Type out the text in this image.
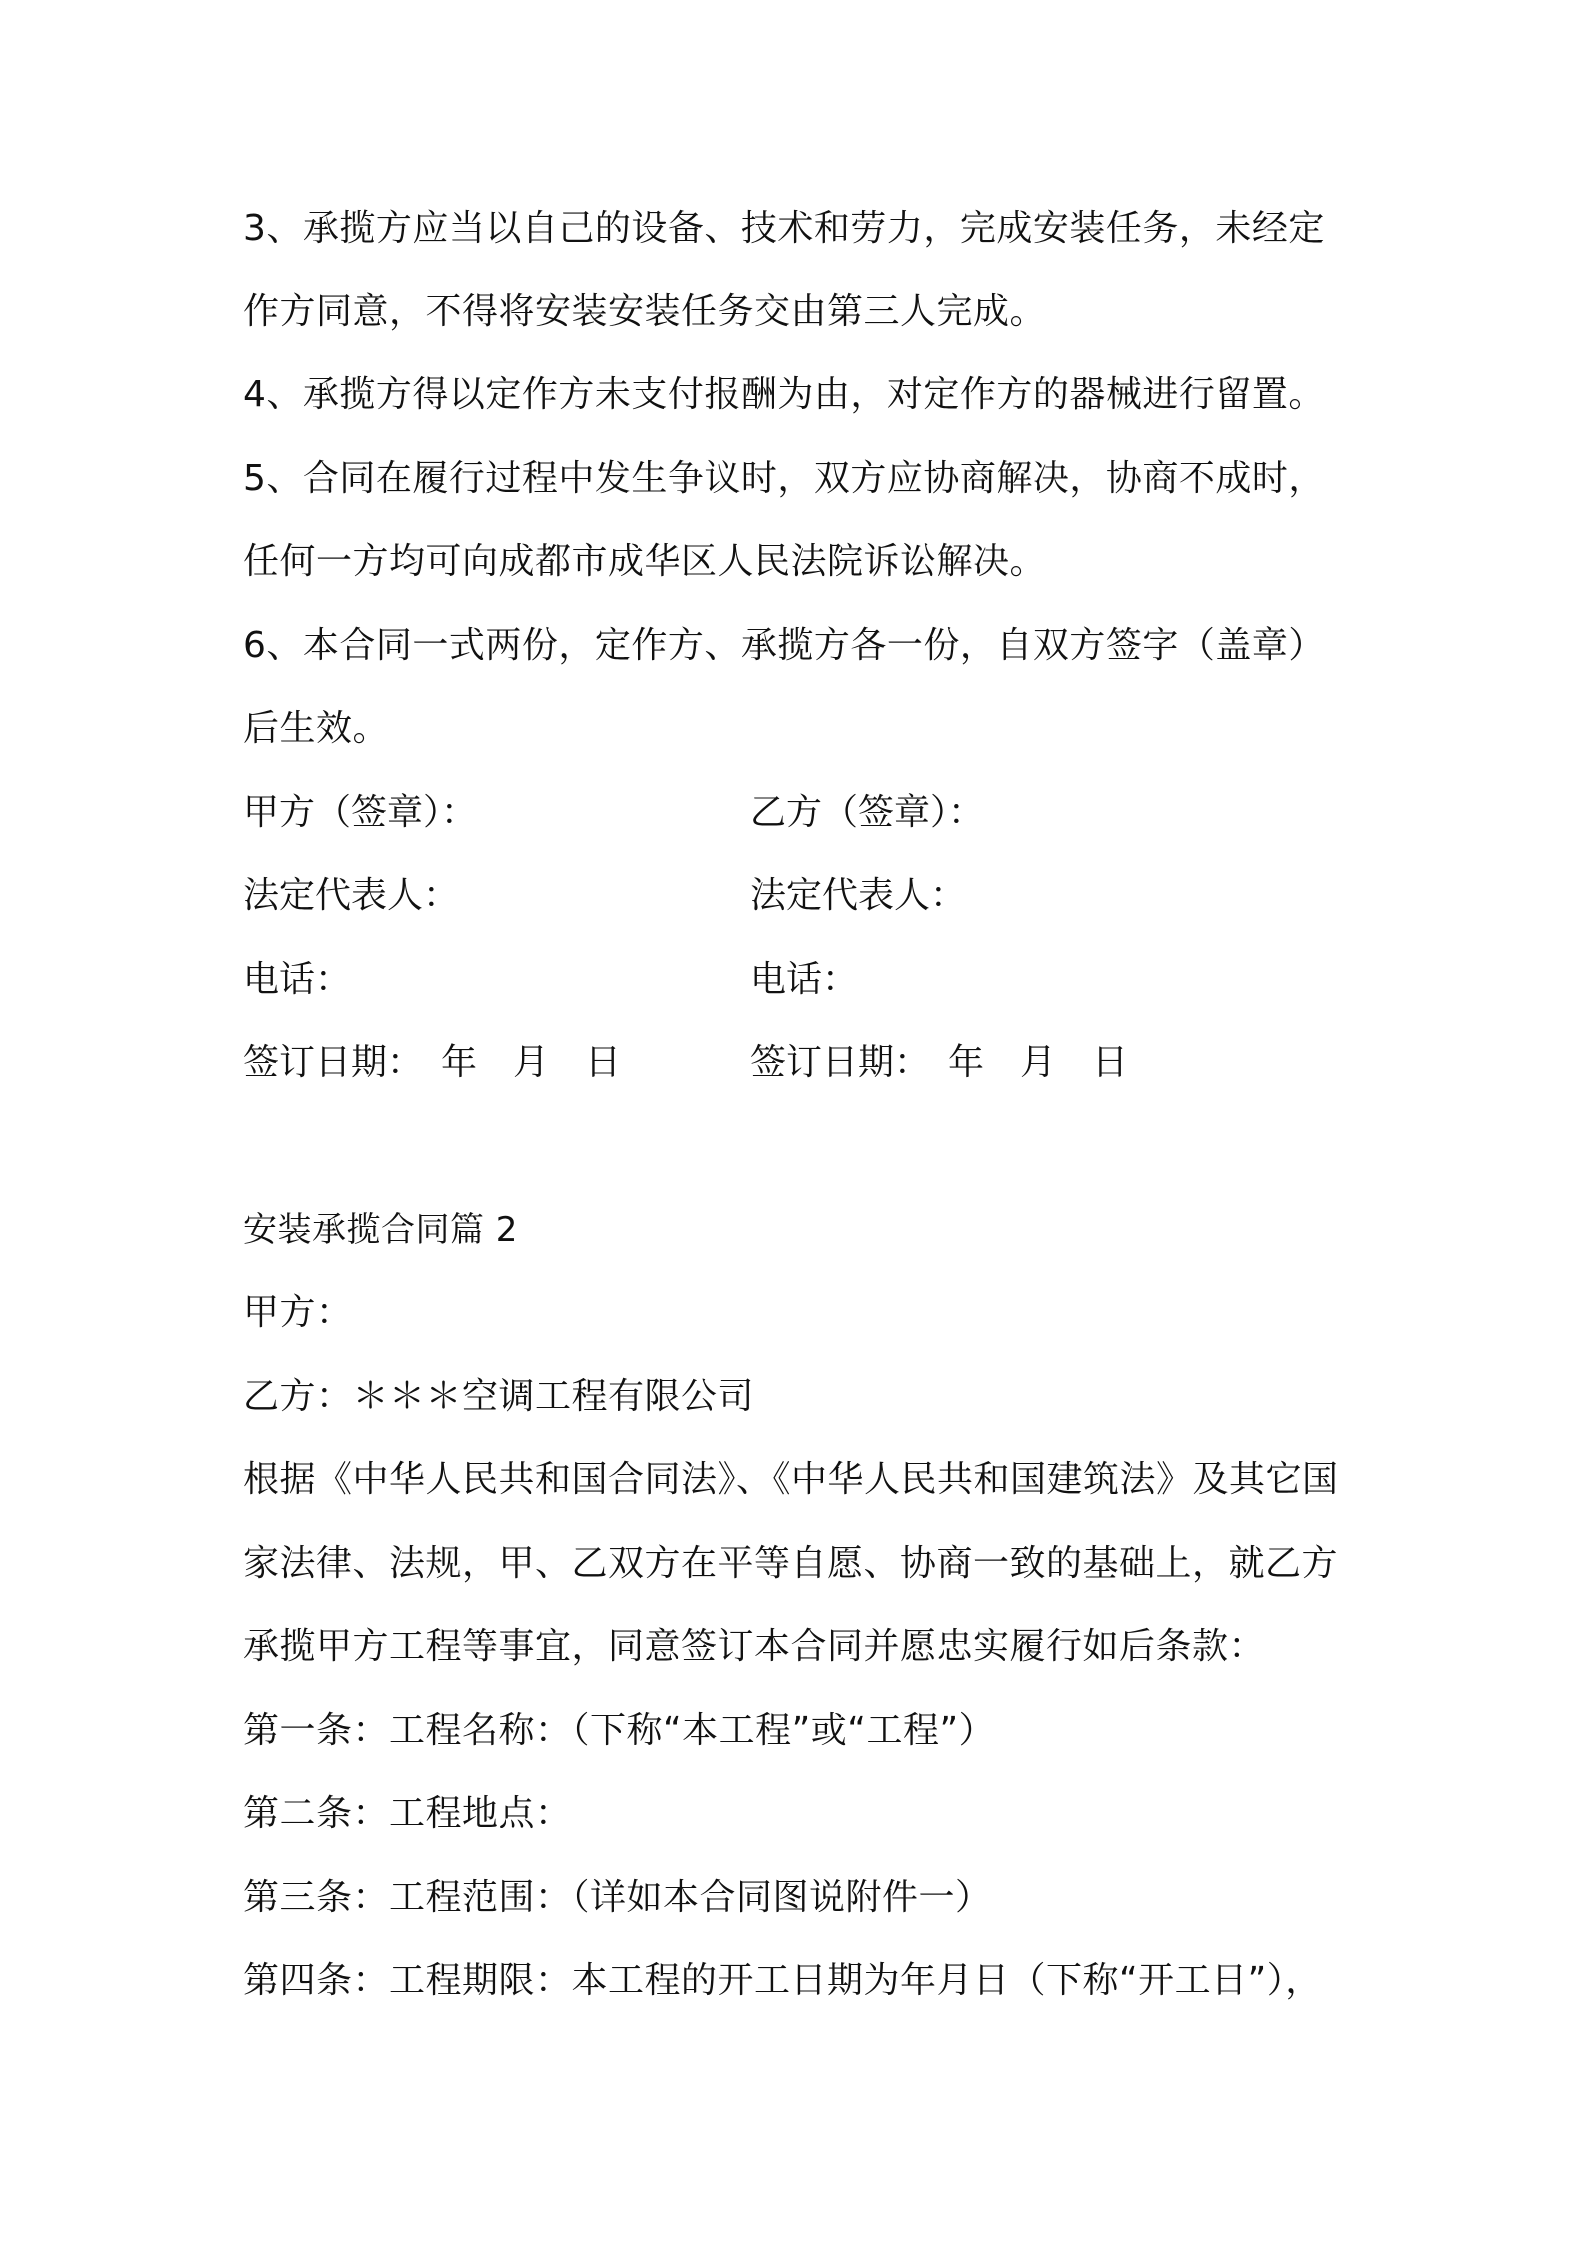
3、承揽方应当以自己的设备、技术和劳力，完成安装任务，未经定
作方同意，不得将安装安装任务交由第三人完成。
4、承揽方得以定作方未支付报酬为由，对定作方的器械进行留置。
5、合同在履行过程中发生争议时，双方应协商解决，协商不成时，
任何一方均可向成都市成华区人民法院诉讼解决。
6、本合同一式两份，定作方、承揽方各一份，自双方签字（盖章）
后生效。
甲方（签章）：	乙方（签章）：
法定代表人：	法定代表人：
电话：	电话：
签订日期：　年　月　日	签订日期：　年　月　日
安装承揽合同篇 2
甲方：
乙方：＊＊＊空调工程有限公司
根据《中华人民共和国合同法》、《中华人民共和国建筑法》及其它国
家法律、法规，甲、乙双方在平等自愿、协商一致的基础上，就乙方
承揽甲方工程等事宜，同意签订本合同并愿忠实履行如后条款：
第一条：工程名称：（下称“本工程”或“工程”）
第二条：工程地点：
第三条：工程范围：（详如本合同图说附件一）
第四条：工程期限：本工程的开工日期为年月日（下称“开工日”），
